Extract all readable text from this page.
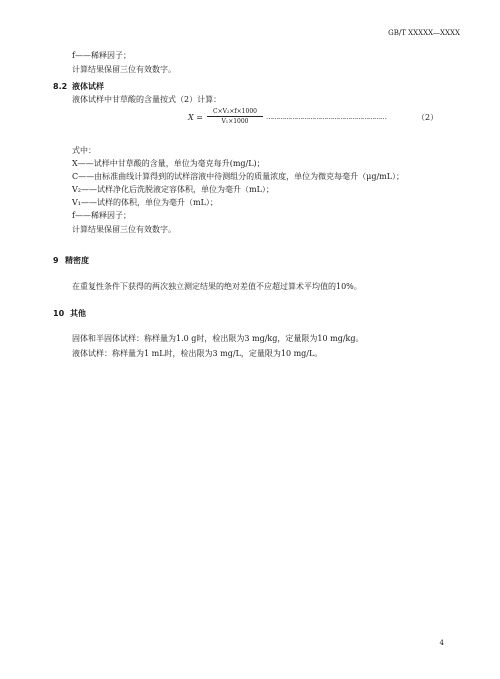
GB/T XXXXX—XXXX
f——稀释因子；
计算结果保留三位有效数字。
8.2 液体试样
液体试样中甘草酸的含量按式（2）计算：
X =
C×V₂×f×1000
V₁×1000
……………………………………………………	（2）
式中：
X——试样中甘草酸的含量，单位为毫克每升(mg/L)；
C——由标准曲线计算得到的试样溶液中待测组分的质量浓度，单位为微克每毫升（μg/mL）；
V₂——试样净化后洗脱液定容体积，单位为毫升（mL）；
V₁——试样的体积，单位为毫升（mL）；
f——稀释因子；
计算结果保留三位有效数字。
9 精密度
在重复性条件下获得的两次独立测定结果的绝对差值不应超过算术平均值的10%。
10 其他
固体和半固体试样：称样量为1.0 g时，检出限为3 mg/kg，定量限为10 mg/kg。
液体试样：称样量为1 mL时，检出限为3 mg/L，定量限为10 mg/L。
4
